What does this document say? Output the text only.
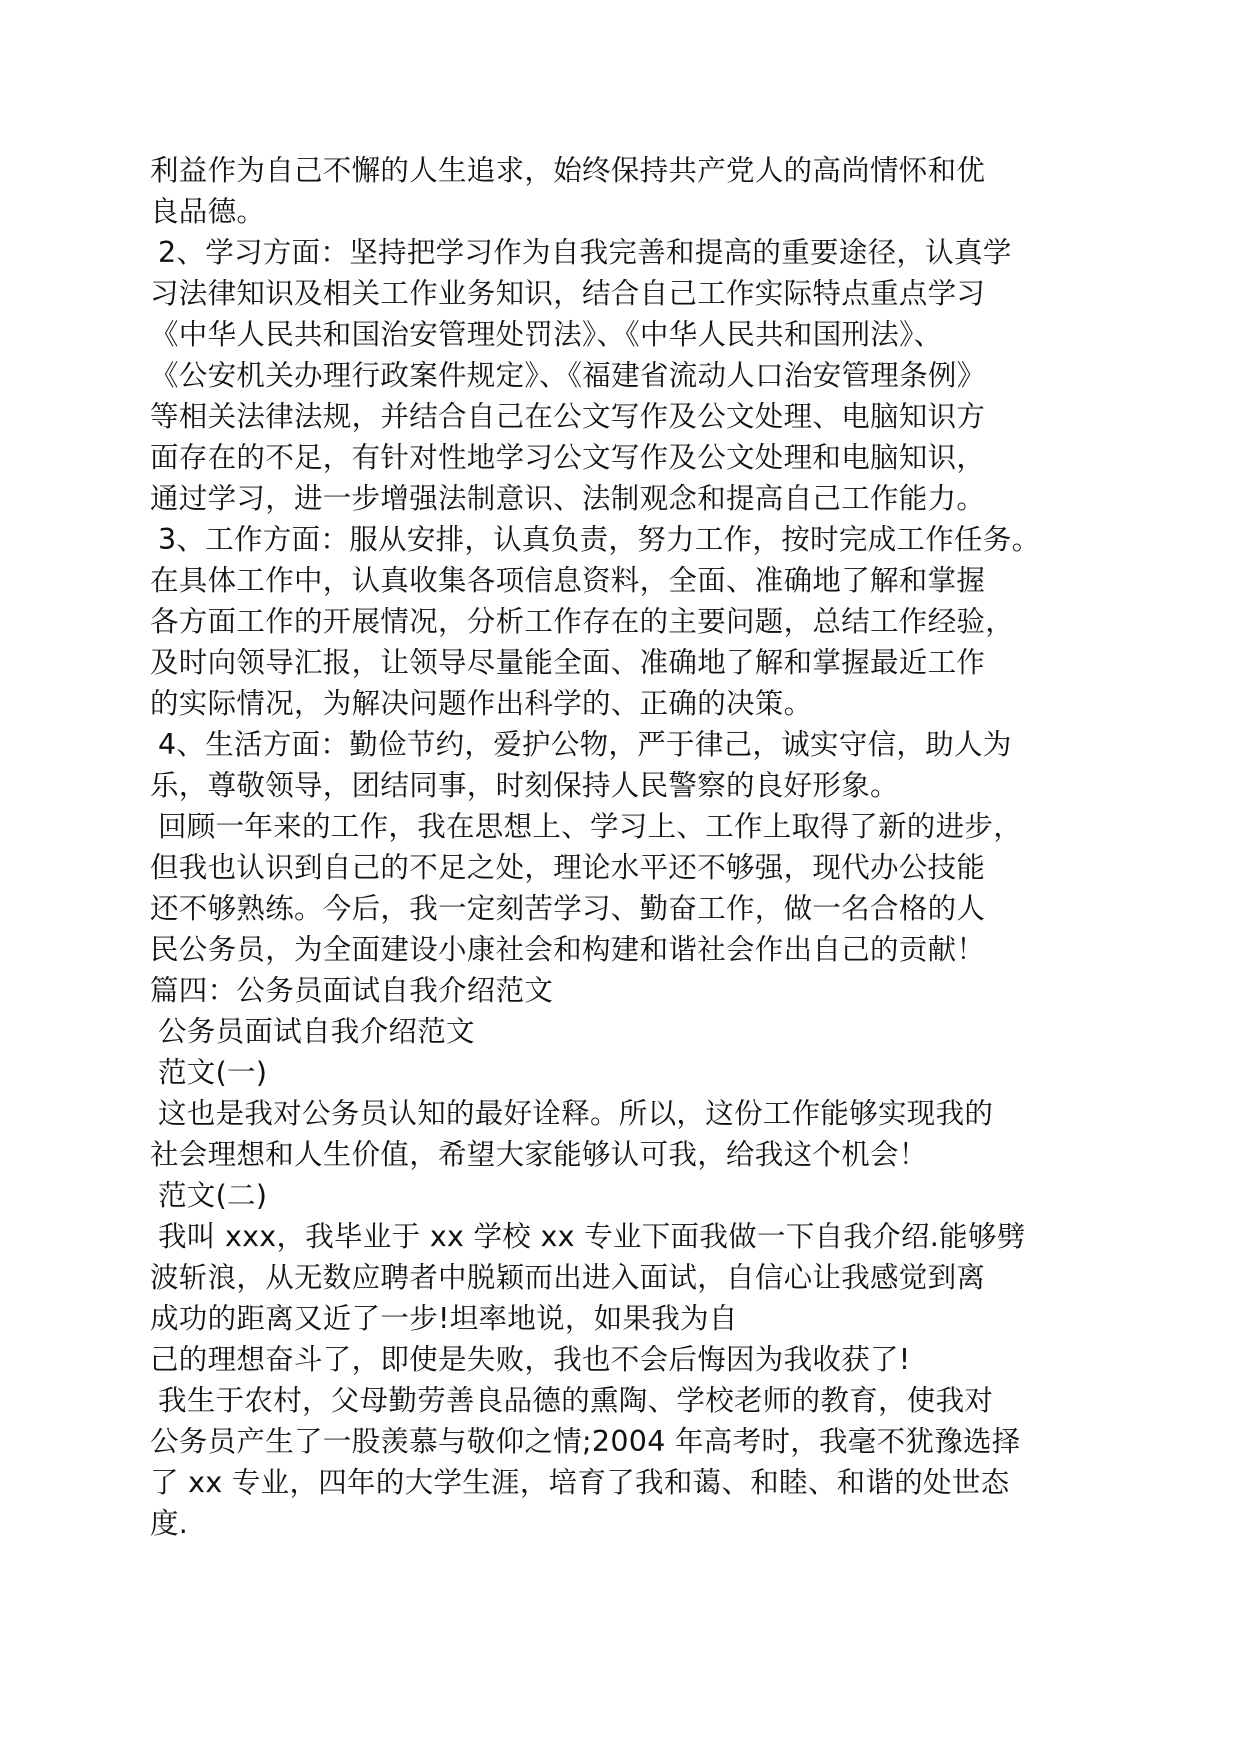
利益作为自己不懈的人生追求，始终保持共产党人的高尚情怀和优
良品德。
2、学习方面：坚持把学习作为自我完善和提高的重要途径，认真学
习法律知识及相关工作业务知识，结合自己工作实际特点重点学习
《中华人民共和国治安管理处罚法》、《中华人民共和国刑法》、
《公安机关办理行政案件规定》、《福建省流动人口治安管理条例》
等相关法律法规，并结合自己在公文写作及公文处理、电脑知识方
面存在的不足，有针对性地学习公文写作及公文处理和电脑知识，
通过学习，进一步增强法制意识、法制观念和提高自己工作能力。
3、工作方面：服从安排，认真负责，努力工作，按时完成工作任务。
在具体工作中，认真收集各项信息资料，全面、准确地了解和掌握
各方面工作的开展情况，分析工作存在的主要问题，总结工作经验，
及时向领导汇报，让领导尽量能全面、准确地了解和掌握最近工作
的实际情况，为解决问题作出科学的、正确的决策。
4、生活方面：勤俭节约，爱护公物，严于律己，诚实守信，助人为
乐，尊敬领导，团结同事，时刻保持人民警察的良好形象。
回顾一年来的工作，我在思想上、学习上、工作上取得了新的进步，
但我也认识到自己的不足之处，理论水平还不够强，现代办公技能
还不够熟练。今后，我一定刻苦学习、勤奋工作，做一名合格的人
民公务员，为全面建设小康社会和构建和谐社会作出自己的贡献！
篇四：公务员面试自我介绍范文
公务员面试自我介绍范文
范文(一)
这也是我对公务员认知的最好诠释。所以，这份工作能够实现我的
社会理想和人生价值，希望大家能够认可我，给我这个机会！
范文(二)
我叫 xxx，我毕业于 xx 学校 xx 专业下面我做一下自我介绍.能够劈
波斩浪，从无数应聘者中脱颖而出进入面试，自信心让我感觉到离
成功的距离又近了一步!坦率地说，如果我为自
己的理想奋斗了，即使是失败，我也不会后悔因为我收获了!
我生于农村，父母勤劳善良品德的熏陶、学校老师的教育，使我对
公务员产生了一股羡慕与敬仰之情;2004 年高考时，我毫不犹豫选择
了 xx 专业，四年的大学生涯，培育了我和蔼、和睦、和谐的处世态
度.
